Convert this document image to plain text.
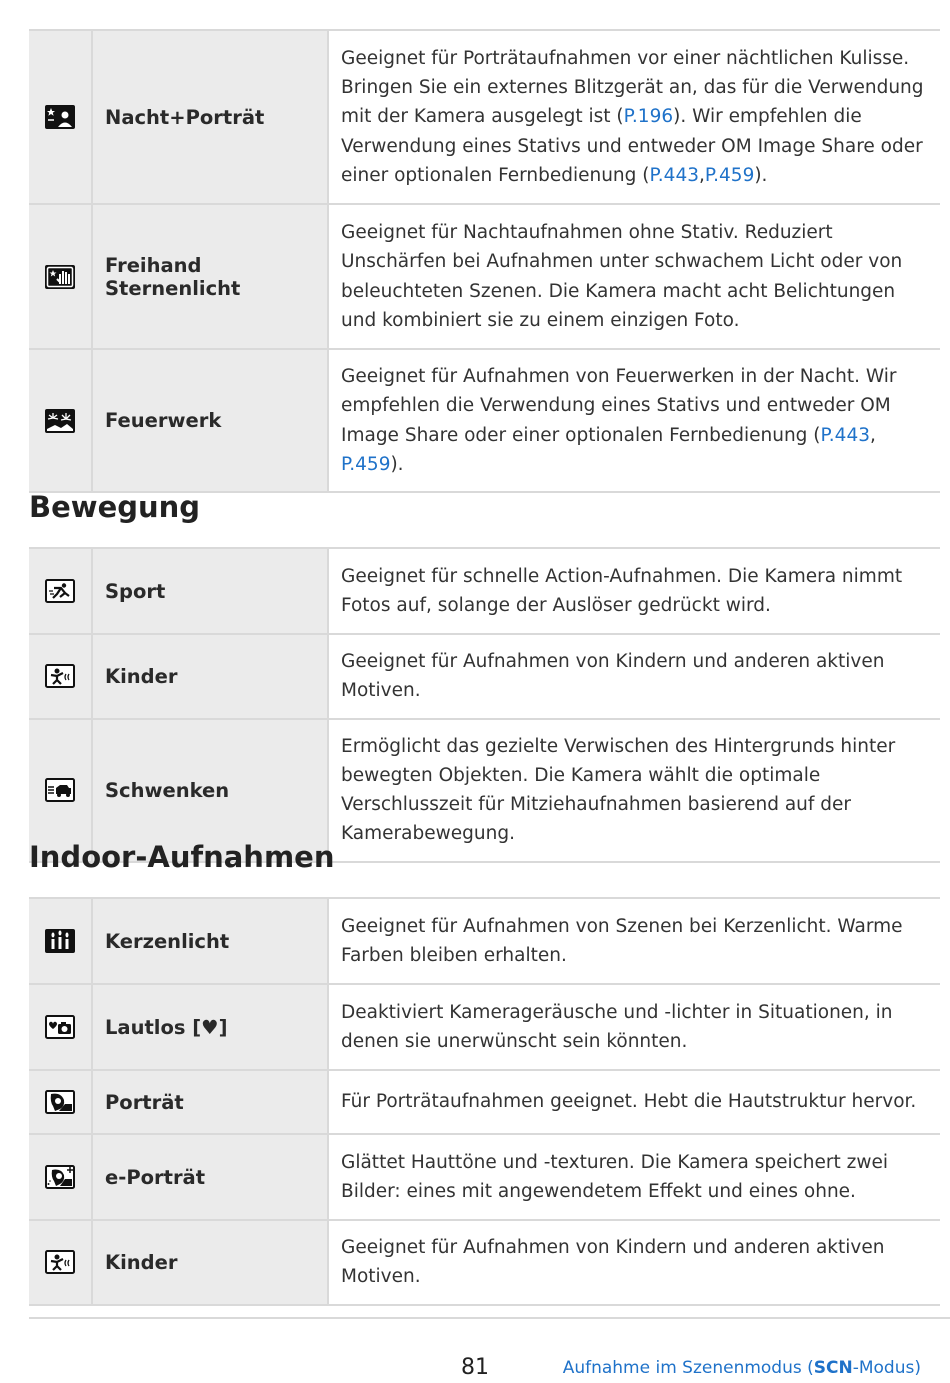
	Nacht+Porträt	Geeignet für Porträtaufnahmen vor einer nächtlichen Kulisse. Bringen Sie ein externes Blitzgerät an, das für die Verwendung mit der Kamera ausgelegt ist (P.196). Wir empfehlen die Verwendung eines Stativs und entweder OM Image Share oder einer optionalen Fernbedienung (P.443,P.459).
	Freihand Sternenlicht	Geeignet für Nachtaufnahmen ohne Stativ. Reduziert Unschärfen bei Aufnahmen unter schwachem Licht oder von beleuchteten Szenen. Die Kamera macht acht Belichtungen und kombiniert sie zu einem einzigen Foto.
	Feuerwerk	Geeignet für Aufnahmen von Feuerwerken in der Nacht. Wir empfehlen die Verwendung eines Stativs und entweder OM Image Share oder einer optionalen Fernbedienung (P.443, P.459).
Bewegung
	Sport	Geeignet für schnelle Action-Aufnahmen. Die Kamera nimmt Fotos auf, solange der Auslöser gedrückt wird.
	Kinder	Geeignet für Aufnahmen von Kindern und anderen aktiven Motiven.
	Schwenken	Ermöglicht das gezielte Verwischen des Hintergrunds hinter bewegten Objekten. Die Kamera wählt die optimale Verschlusszeit für Mitziehaufnahmen basierend auf der Kamerabewegung.
Indoor-Aufnahmen
	Kerzenlicht	Geeignet für Aufnahmen von Szenen bei Kerzenlicht. Warme Farben bleiben erhalten.
	Lautlos [♥]	Deaktiviert Kamerageräusche und -lichter in Situationen, in denen sie unerwünscht sein könnten.
	Porträt	Für Porträtaufnahmen geeignet. Hebt die Hautstruktur hervor.
	e-Porträt	Glättet Hauttöne und -texturen. Die Kamera speichert zwei Bilder: eines mit angewendetem Effekt und eines ohne.
	Kinder	Geeignet für Aufnahmen von Kindern und anderen aktiven Motiven.
81	Aufnahme im Szenenmodus (SCN-Modus)
